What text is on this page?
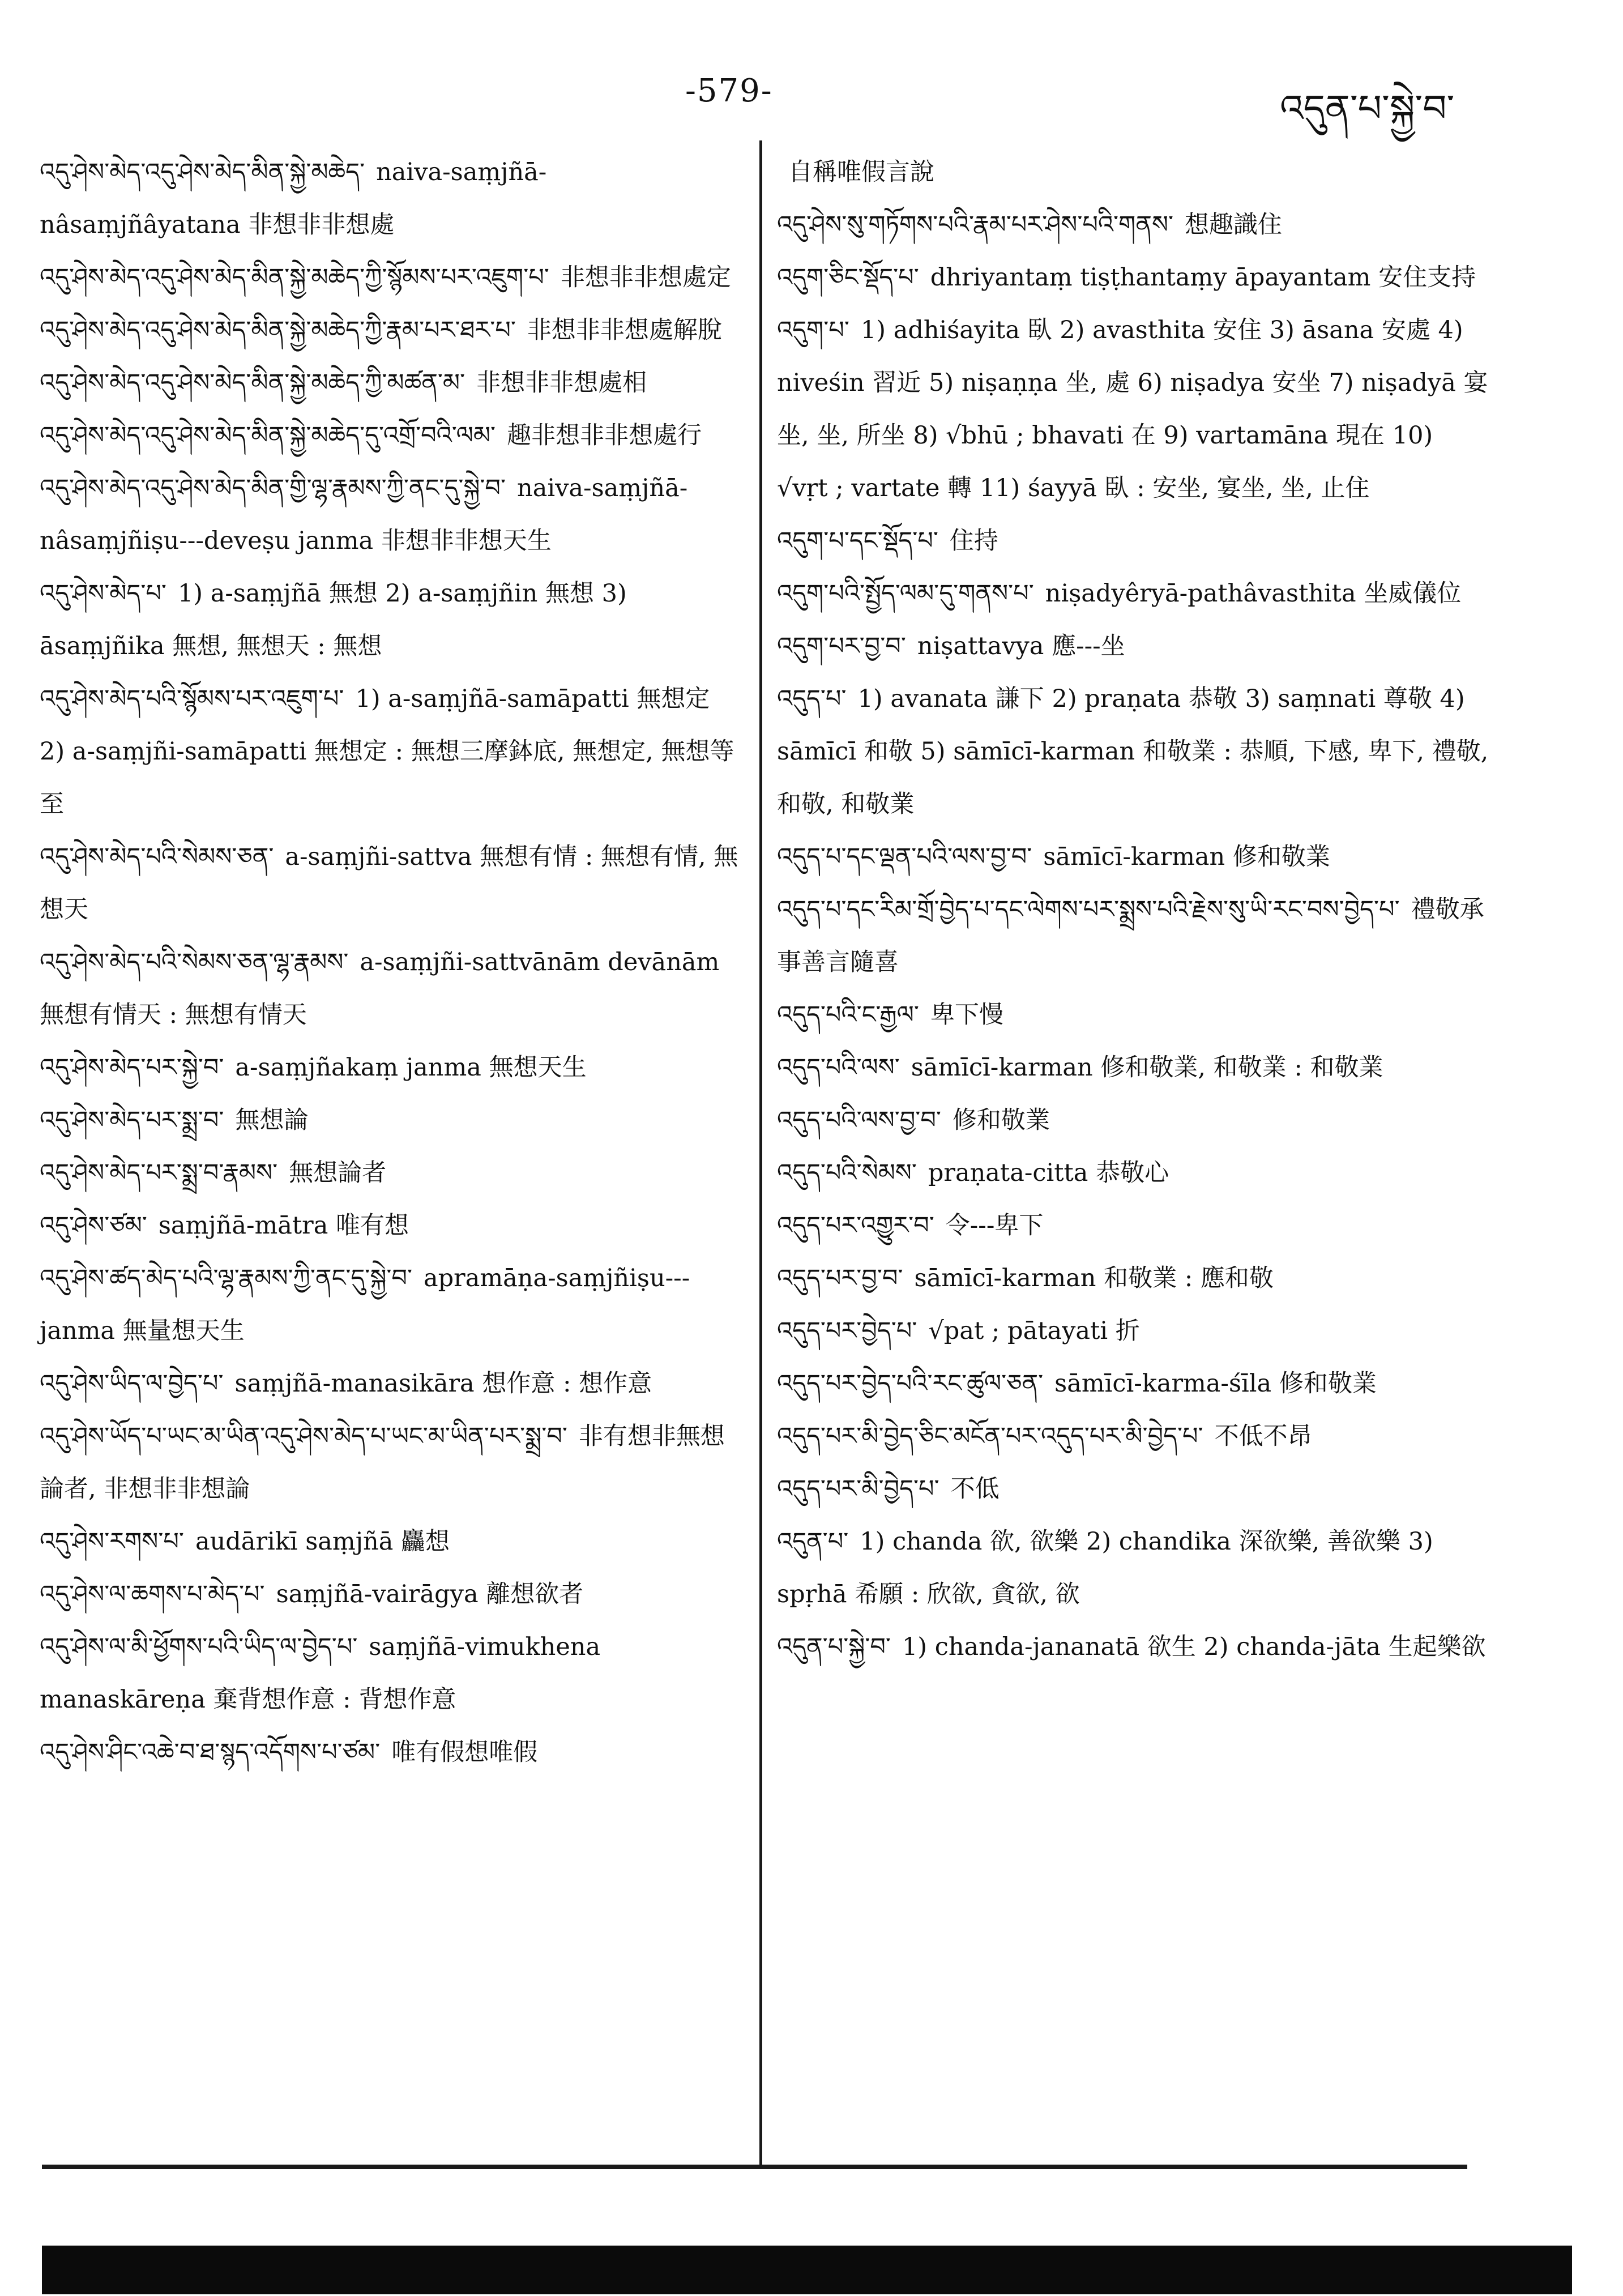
-579-	འདུན་པ་སྐྱེ་བ་

འདུ་ཤེས་མེད་འདུ་ཤེས་མེད་མིན་སྐྱེ་མཆེད་ naiva-saṃjñā-nâsaṃjñâyatana 非想非非想處

འདུ་ཤེས་མེད་འདུ་ཤེས་མེད་མིན་སྐྱེ་མཆེད་ཀྱི་སྙོམས་པར་འཇུག་པ་ 非想非非想處定

འདུ་ཤེས་མེད་འདུ་ཤེས་མེད་མིན་སྐྱེ་མཆེད་ཀྱི་རྣམ་པར་ཐར་པ་ 非想非非想處解脫

འདུ་ཤེས་མེད་འདུ་ཤེས་མེད་མིན་སྐྱེ་མཆེད་ཀྱི་མཚན་མ་ 非想非非想處相

འདུ་ཤེས་མེད་འདུ་ཤེས་མེད་མིན་སྐྱེ་མཆེད་དུ་འགྲོ་བའི་ལམ་ 趣非想非非想處行

འདུ་ཤེས་མེད་འདུ་ཤེས་མེད་མིན་གྱི་ལྷ་རྣམས་ཀྱི་ནང་དུ་སྐྱེ་བ་ naiva-saṃjñā-nâsaṃjñiṣu---deveṣu janma 非想非非想天生

འདུ་ཤེས་མེད་པ་ 1) a-saṃjñā 無想 2) a-saṃjñin 無想 3) āsaṃjñika 無想, 無想天 : 無想

འདུ་ཤེས་མེད་པའི་སྙོམས་པར་འཇུག་པ་ 1) a-saṃjñā-samāpatti 無想定 2) a-saṃjñi-samāpatti 無想定 : 無想三摩鉢底, 無想定, 無想等至

འདུ་ཤེས་མེད་པའི་སེམས་ཅན་ a-saṃjñi-sattva 無想有情 : 無想有情, 無想天

འདུ་ཤེས་མེད་པའི་སེམས་ཅན་ལྷ་རྣམས་ a-saṃjñi-sattvānām devānām 無想有情天 : 無想有情天

འདུ་ཤེས་མེད་པར་སྐྱེ་བ་ a-saṃjñakaṃ janma 無想天生

འདུ་ཤེས་མེད་པར་སྨྲ་བ་ 無想論

འདུ་ཤེས་མེད་པར་སྨྲ་བ་རྣམས་ 無想論者

འདུ་ཤེས་ཙམ་ saṃjñā-mātra 唯有想

འདུ་ཤེས་ཚད་མེད་པའི་ལྷ་རྣམས་ཀྱི་ནང་དུ་སྐྱེ་བ་ apramāṇa-saṃjñiṣu---janma 無量想天生

འདུ་ཤེས་ཡིད་ལ་བྱེད་པ་ saṃjñā-manasikāra 想作意 : 想作意

འདུ་ཤེས་ཡོད་པ་ཡང་མ་ཡིན་འདུ་ཤེས་མེད་པ་ཡང་མ་ཡིན་པར་སྨྲ་བ་ 非有想非無想論者, 非想非非想論

འདུ་ཤེས་རགས་པ་ audārikī saṃjñā 麤想

འདུ་ཤེས་ལ་ཆགས་པ་མེད་པ་ saṃjñā-vairāgya 離想欲者

འདུ་ཤེས་ལ་མི་ཕྱོགས་པའི་ཡིད་ལ་བྱེད་པ་ saṃjñā-vimukhena manaskāreṇa 棄背想作意 : 背想作意

འདུ་ཤེས་ཤིང་འཆེ་བ་ཐ་སྙད་འདོགས་པ་ཙམ་ 唯有假想唯假

自稱唯假言說

འདུ་ཤེས་སུ་གཏོགས་པའི་རྣམ་པར་ཤེས་པའི་གནས་ 想趣識住

འདུག་ཅིང་སྡོད་པ་ dhriyantaṃ tiṣṭhantaṃy āpayantam 安住支持

འདུག་པ་ 1) adhiśayita 臥 2) avasthita 安住 3) āsana 安處 4) niveśin 習近 5) niṣaṇṇa 坐, 處 6) niṣadya 安坐 7) niṣadyā 宴坐, 坐, 所坐 8) √bhū ; bhavati 在 9) vartamāna 現在 10) √vṛt ; vartate 轉 11) śayyā 臥 : 安坐, 宴坐, 坐, 止住

འདུག་པ་དང་སྡོད་པ་ 住持

འདུག་པའི་སྤྱོད་ལམ་དུ་གནས་པ་ niṣadyêryā-pathâvasthita 坐威儀位

འདུག་པར་བྱ་བ་ niṣattavya 應---坐

འདུད་པ་ 1) avanata 謙下 2) praṇata 恭敬 3) saṃnati 尊敬 4) sāmīcī 和敬 5) sāmīcī-karman 和敬業 : 恭順, 下感, 卑下, 禮敬, 和敬, 和敬業

འདུད་པ་དང་ལྡན་པའི་ལས་བྱ་བ་ sāmīcī-karman 修和敬業

འདུད་པ་དང་རིམ་གྲོ་བྱེད་པ་དང་ལེགས་པར་སྨྲས་པའི་རྗེས་སུ་ཡི་རང་བས་བྱེད་པ་ 禮敬承事善言隨喜

འདུད་པའི་ང་རྒྱལ་ 卑下慢

འདུད་པའི་ལས་ sāmīcī-karman 修和敬業, 和敬業 : 和敬業

འདུད་པའི་ལས་བྱ་བ་ 修和敬業

འདུད་པའི་སེམས་ praṇata-citta 恭敬心

འདུད་པར་འགྱུར་བ་ 令---卑下

འདུད་པར་བྱ་བ་ sāmīcī-karman 和敬業 : 應和敬

འདུད་པར་བྱེད་པ་ √pat ; pātayati 折

འདུད་པར་བྱེད་པའི་རང་ཚུལ་ཅན་ sāmīcī-karma-śīla 修和敬業

འདུད་པར་མི་བྱེད་ཅིང་མངོན་པར་འདུད་པར་མི་བྱེད་པ་ 不低不昂

འདུད་པར་མི་བྱེད་པ་ 不低

འདུན་པ་ 1) chanda 欲, 欲樂 2) chandika 深欲樂, 善欲樂 3) spṛhā 希願 : 欣欲, 貪欲, 欲

འདུན་པ་སྐྱེ་བ་ 1) chanda-jananatā 欲生 2) chanda-jāta 生起樂欲
